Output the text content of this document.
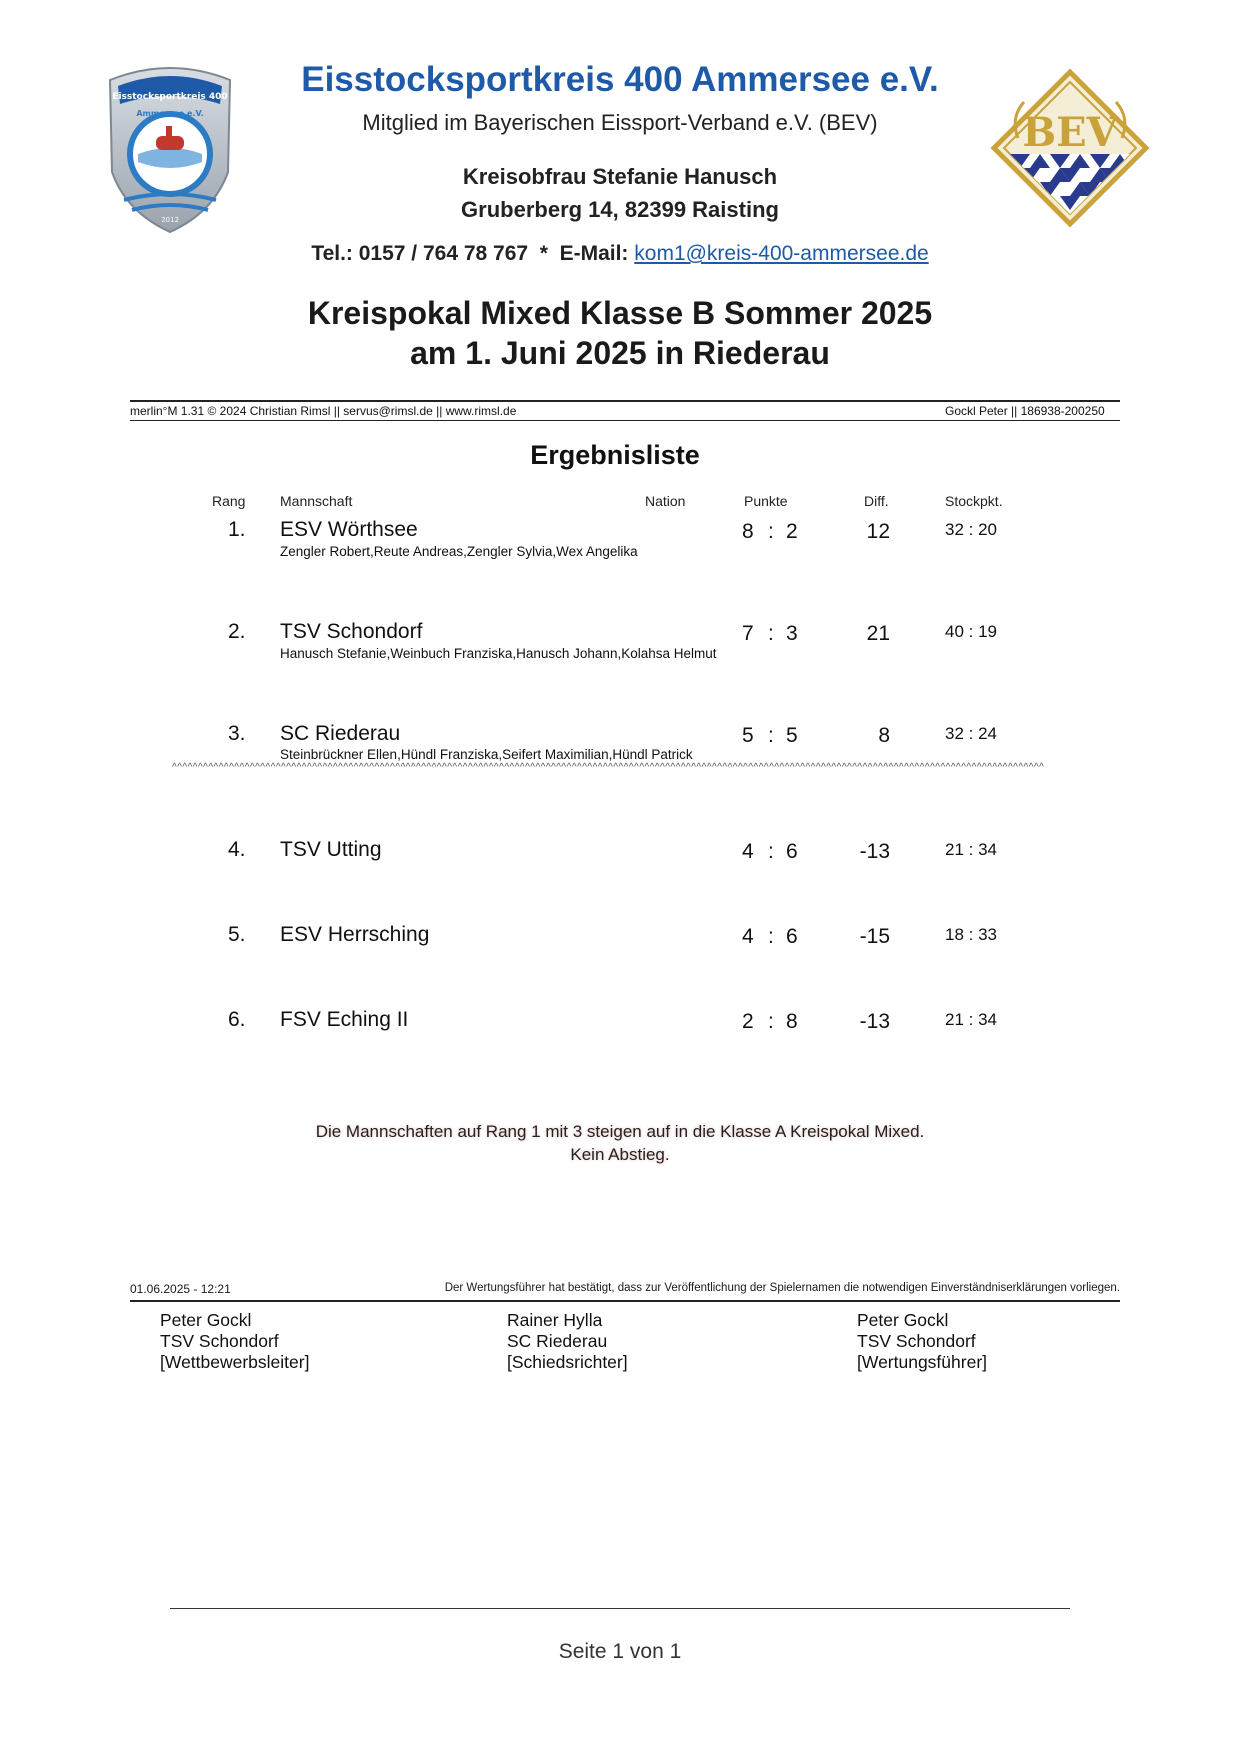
Eisstocksportkreis 400
Ammersee e.V.
2012
BEV
Eisstocksportkreis 400 Ammersee e.V.
Mitglied im Bayerischen Eissport-Verband e.V. (BEV)
Kreisobfrau Stefanie Hanusch
Gruberberg 14, 82399 Raisting
Tel.: 0157 / 764 78 767  *  E-Mail: kom1@kreis-400-ammersee.de
Kreispokal Mixed Klasse B Sommer 2025
am 1. Juni 2025 in Riederau
merlin°M 1.31 © 2024 Christian Rimsl || servus@rimsl.de || www.rimsl.de	Gockl Peter || 186938-200250
Ergebnisliste
Rang Mannschaft	Nation	Punkte	Diff.	Stockpkt.
1. ESV Wörthsee
Zengler Robert,Reute Andreas,Zengler Sylvia,Wex Angelika
8 : 2	12	32 : 20
2. TSV Schondorf
Hanusch Stefanie,Weinbuch Franziska,Hanusch Johann,Kolahsa Helmut
7 : 3	21	40 : 19
3. SC Riederau
Steinbrückner Ellen,Hündl Franziska,Seifert Maximilian,Hündl Patrick
5 : 5	8	32 : 24
^^^^^^^^^^^^^^^^^^^^^^^^^^^^^^^^^^^^^^^^^^^^^^^^^^^^^^^^^^^^^^^^^^^^^^^^^^^^^^^^^^^^^^^^^^^^^^^^^^^^^^^^^^^^^^^^^^^^^^^^^^^^^^^^^^^^^^^^^^^^^^^^^^^^^^^^^^^^^^^^^^^^^^^^
4. TSV Utting	4 : 6	-13	21 : 34
5. ESV Herrsching	4 : 6	-15	18 : 33
6. FSV Eching II	2 : 8	-13	21 : 34
Die Mannschaften auf Rang 1 mit 3 steigen auf in die Klasse A Kreispokal Mixed.
Kein Abstieg.
01.06.2025 - 12:21	Der Wertungsführer hat bestätigt, dass zur Veröffentlichung der Spielernamen die notwendigen Einverständniserklärungen vorliegen.
Peter Gockl
TSV Schondorf
[Wettbewerbsleiter]
Rainer Hylla
SC Riederau
[Schiedsrichter]
Peter Gockl
TSV Schondorf
[Wertungsführer]
Seite 1 von 1
